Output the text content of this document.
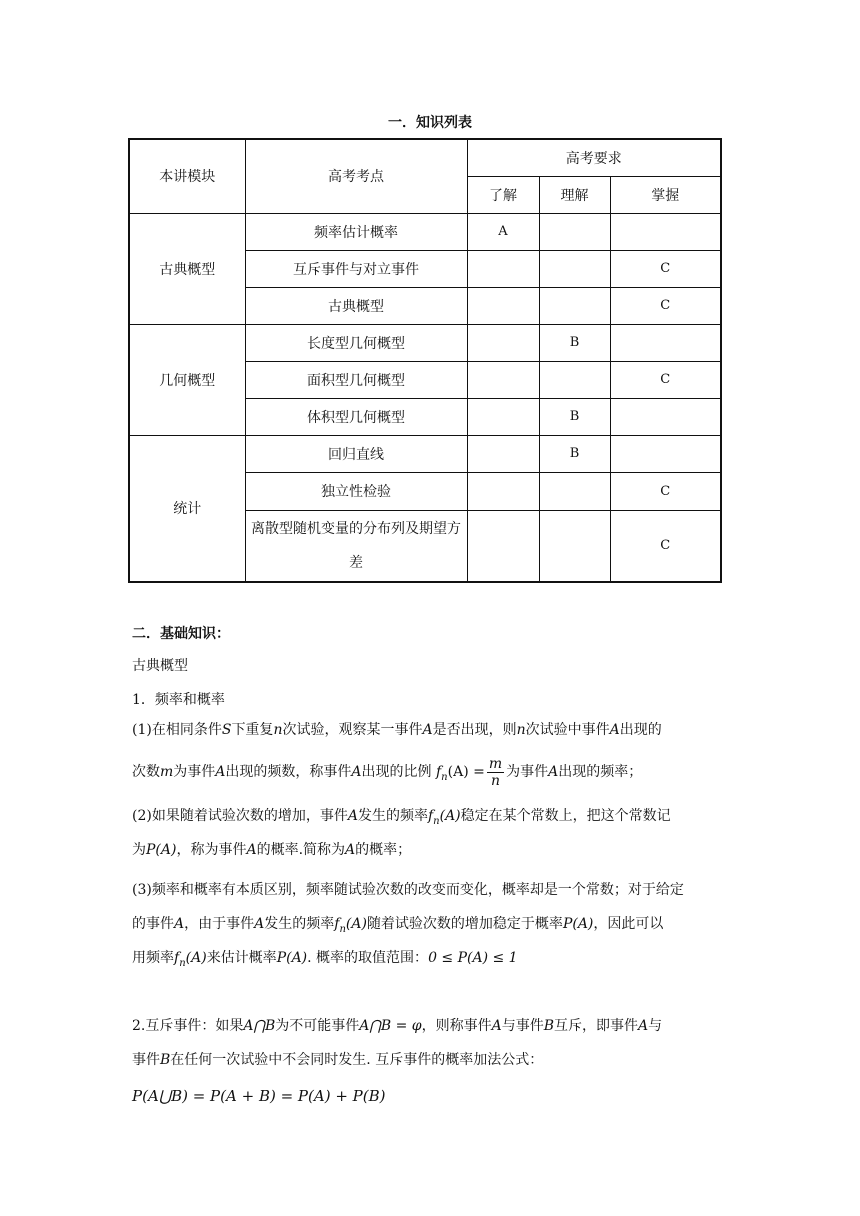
一．知识列表
本讲模块	高考考点	高考要求		
		了解	理解	掌握
古典概型	频率估计概率	A		
	互斥事件与对立事件			C
	古典概型			C
几何概型	长度型几何概型		B	
	面积型几何概型			C
	体积型几何概型		B	
统计	回归直线		B	
	独立性检验			C
	离散型随机变量的分布列及期望方差			C
二．基础知识：
古典概型
1．频率和概率
(1)在相同条件S下重复n次试验，观察某一事件A是否出现，则n次试验中事件A出现的
次数m为事件A出现的频数，称事件A出现的比例 $f_n(A) = \frac{m}{n}$ 为事件A出现的频率；
(2)如果随着试验次数的增加，事件A发生的频率$f_n(A)$稳定在某个常数上，把这个常数记
为P(A)，称为事件A的概率.简称为A的概率；
(3)频率和概率有本质区别，频率随试验次数的改变而变化，概率却是一个常数；对于给定
的事件A，由于事件A发生的频率$f_n(A)$随着试验次数的增加稳定于概率P(A)，因此可以
用频率$f_n(A)$来估计概率P(A). 概率的取值范围：0 ≤ P(A) ≤ 1
2.互斥事件：如果A⋂B为不可能事件A⋂B = φ，则称事件A与事件B互斥，即事件A与
事件B在任何一次试验中不会同时发生. 互斥事件的概率加法公式：
P(A⋃B) = P(A + B) = P(A) + P(B)
